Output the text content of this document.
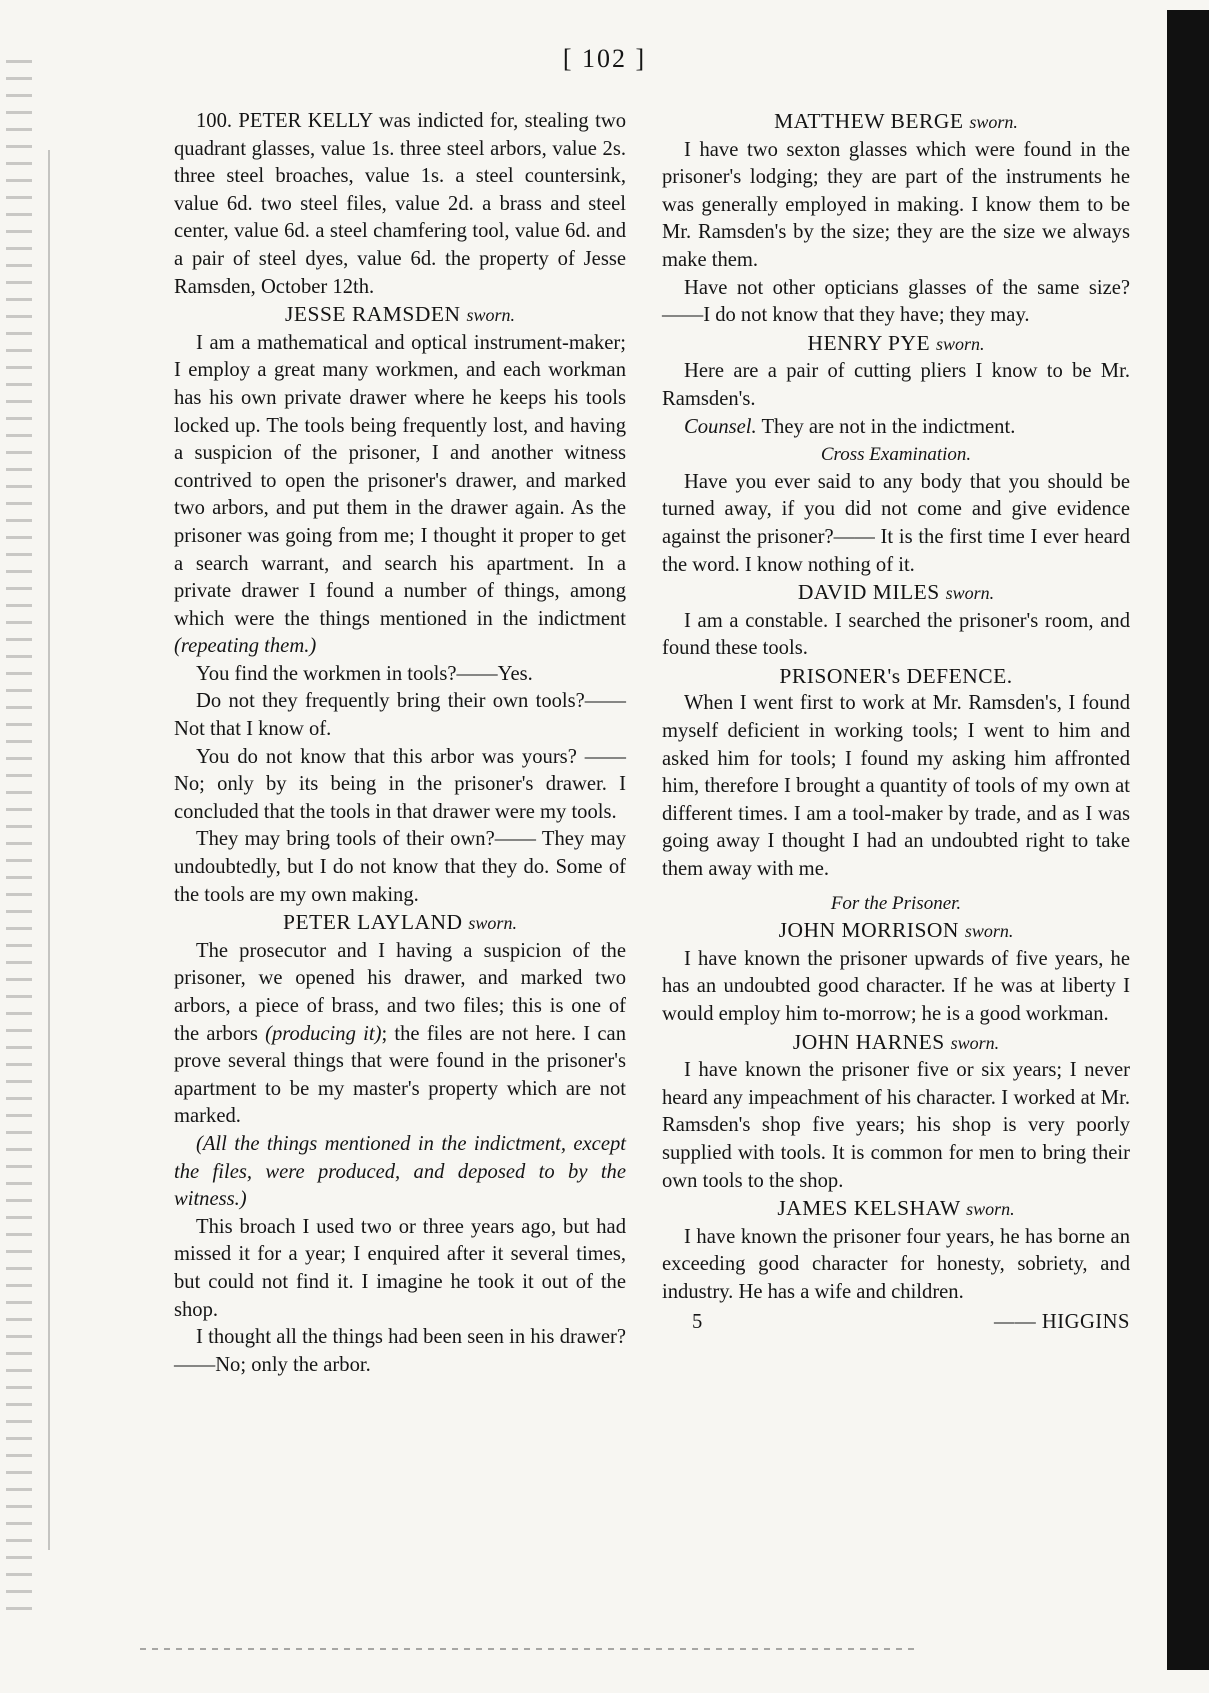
[ 102 ]

100. PETER KELLY was indicted for, stealing two quadrant glasses, value 1s. three steel arbors, value 2s. three steel broaches, value 1s. a steel countersink, value 6d. two steel files, value 2d. a brass and steel center, value 6d. a steel chamfering tool, value 6d. and a pair of steel dyes, value 6d. the property of Jesse Ramsden, October 12th.

JESSE RAMSDEN sworn.

I am a mathematical and optical instrument-maker; I employ a great many workmen, and each workman has his own private drawer where he keeps his tools locked up. The tools being frequently lost, and having a suspicion of the prisoner, I and another witness contrived to open the prisoner's drawer, and marked two arbors, and put them in the drawer again. As the prisoner was going from me; I thought it proper to get a search warrant, and search his apartment. In a private drawer I found a number of things, among which were the things mentioned in the indictment (repeating them.)

You find the workmen in tools?——Yes.

Do not they frequently bring their own tools?——Not that I know of.

You do not know that this arbor was yours? ——No; only by its being in the prisoner's drawer. I concluded that the tools in that drawer were my tools.

They may bring tools of their own?—— They may undoubtedly, but I do not know that they do. Some of the tools are my own making.

PETER LAYLAND sworn.

The prosecutor and I having a suspicion of the prisoner, we opened his drawer, and marked two arbors, a piece of brass, and two files; this is one of the arbors (producing it); the files are not here. I can prove several things that were found in the prisoner's apartment to be my master's property which are not marked.

(All the things mentioned in the indictment, except the files, were produced, and deposed to by the witness.)

This broach I used two or three years ago, but had missed it for a year; I enquired after it several times, but could not find it. I imagine he took it out of the shop.

I thought all the things had been seen in his drawer?——No; only the arbor.

MATTHEW BERGE sworn.

I have two sexton glasses which were found in the prisoner's lodging; they are part of the instruments he was generally employed in making. I know them to be Mr. Ramsden's by the size; they are the size we always make them.

Have not other opticians glasses of the same size?——I do not know that they have; they may.

HENRY PYE sworn.

Here are a pair of cutting pliers I know to be Mr. Ramsden's.

Counsel. They are not in the indictment.

Cross Examination.

Have you ever said to any body that you should be turned away, if you did not come and give evidence against the prisoner?—— It is the first time I ever heard the word. I know nothing of it.

DAVID MILES sworn.

I am a constable. I searched the prisoner's room, and found these tools.

PRISONER's DEFENCE.

When I went first to work at Mr. Ramsden's, I found myself deficient in working tools; I went to him and asked him for tools; I found my asking him affronted him, therefore I brought a quantity of tools of my own at different times. I am a tool-maker by trade, and as I was going away I thought I had an undoubted right to take them away with me.

For the Prisoner.
JOHN MORRISON sworn.

I have known the prisoner upwards of five years, he has an undoubted good character. If he was at liberty I would employ him to-morrow; he is a good workman.

JOHN HARNES sworn.

I have known the prisoner five or six years; I never heard any impeachment of his character. I worked at Mr. Ramsden's shop five years; his shop is very poorly supplied with tools. It is common for men to bring their own tools to the shop.

JAMES KELSHAW sworn.

I have known the prisoner four years, he has borne an exceeding good character for honesty, sobriety, and industry. He has a wife and children.

5	—— HIGGINS
